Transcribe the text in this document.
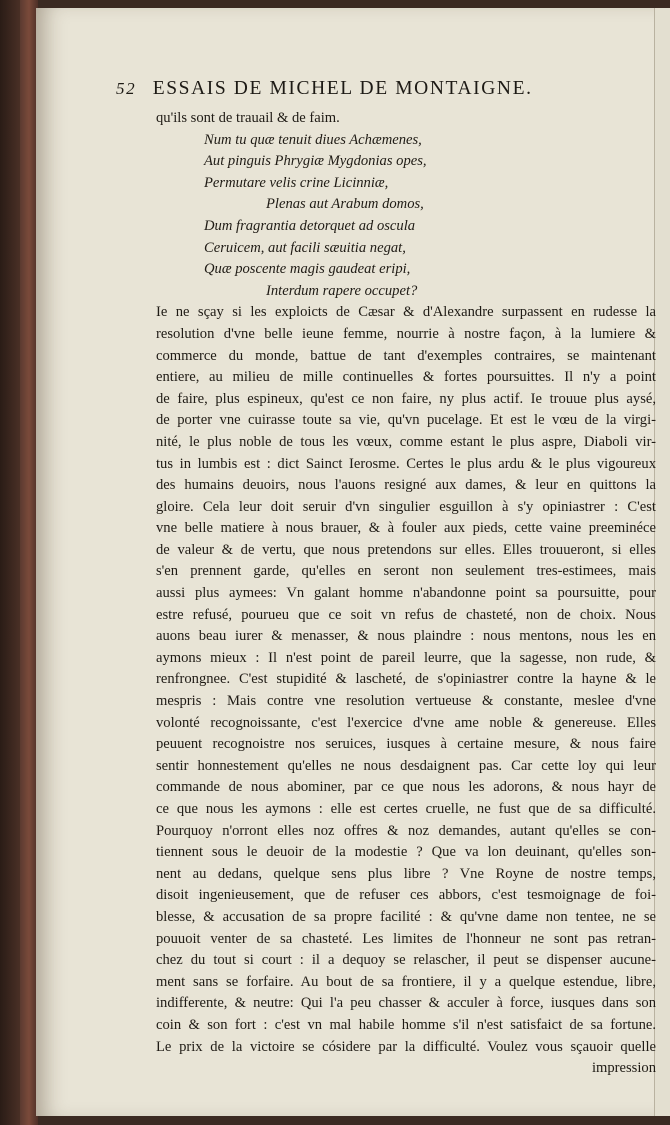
52 ESSAIS DE MICHEL DE MONTAIGNE.
qu'ils sont de trauail & de faim.
Num tu quæ tenuit diues Achæmenes,
Aut pinguis Phrygiæ Mygdonias opes,
Permutare velis crine Licinniæ,
Plenas aut Arabum domos,
Dum fragrantia detorquet ad oscula
Ceruicem, aut facili sæuitia negat,
Quæ poscente magis gaudeat eripi,
Interdum rapere occupet?
Ie ne sçay si les exploicts de Cæsar & d'Alexandre surpassent en rudesse la
resolution d'vne belle ieune femme, nourrie à nostre façon, à la lumiere &
commerce du monde, battue de tant d'exemples contraires, se maintenant
entiere, au milieu de mille continuelles & fortes poursuittes. Il n'y a point
de faire, plus espineux, qu'est ce non faire, ny plus actif. Ie trouue plus aysé,
de porter vne cuirasse toute sa vie, qu'vn pucelage. Et est le vœu de la virgi-
nité, le plus noble de tous les vœux, comme estant le plus aspre, Diaboli vir-
tus in lumbis est : dict Sainct Ierosme. Certes le plus ardu & le plus vigoureux
des humains deuoirs, nous l'auons resigné aux dames, & leur en quittons la
gloire. Cela leur doit seruir d'vn singulier esguillon à s'y opiniastrer : C'est
vne belle matiere à nous brauer, & à fouler aux pieds, cette vaine preeminéce
de valeur & de vertu, que nous pretendons sur elles. Elles trouueront, si elles
s'en prennent garde, qu'elles en seront non seulement tres-estimees, mais
aussi plus aymees: Vn galant homme n'abandonne point sa poursuitte, pour
estre refusé, pourueu que ce soit vn refus de chasteté, non de choix. Nous
auons beau iurer & menasser, & nous plaindre : nous mentons, nous les en
aymons mieux : Il n'est point de pareil leurre, que la sagesse, non rude, &
renfrongnee. C'est stupidité & lascheté, de s'opiniastrer contre la hayne & le
mespris : Mais contre vne resolution vertueuse & constante, meslee d'vne
volonté recognoissante, c'est l'exercice d'vne ame noble & genereuse. Elles
peuuent recognoistre nos seruices, iusques à certaine mesure, & nous faire
sentir honnestement qu'elles ne nous desdaignent pas. Car cette loy qui leur
commande de nous abominer, par ce que nous les adorons, & nous hayr de
ce que nous les aymons : elle est certes cruelle, ne fust que de sa difficulté.
Pourquoy n'orront elles noz offres & noz demandes, autant qu'elles se con-
tiennent sous le deuoir de la modestie ? Que va lon deuinant, qu'elles son-
nent au dedans, quelque sens plus libre ? Vne Royne de nostre temps,
disoit ingenieusement, que de refuser ces abbors, c'est tesmoignage de foi-
blesse, & accusation de sa propre facilité : & qu'vne dame non tentee, ne se
pouuoit venter de sa chasteté. Les limites de l'honneur ne sont pas retran-
chez du tout si court : il a dequoy se relascher, il peut se dispenser aucune-
ment sans se forfaire. Au bout de sa frontiere, il y a quelque estendue, libre,
indifferente, & neutre: Qui l'a peu chasser & acculer à force, iusques dans son
coin & son fort : c'est vn mal habile homme s'il n'est satisfaict de sa fortune.
Le prix de la victoire se cósidere par la difficulté. Voulez vous sçauoir quelle
impression
